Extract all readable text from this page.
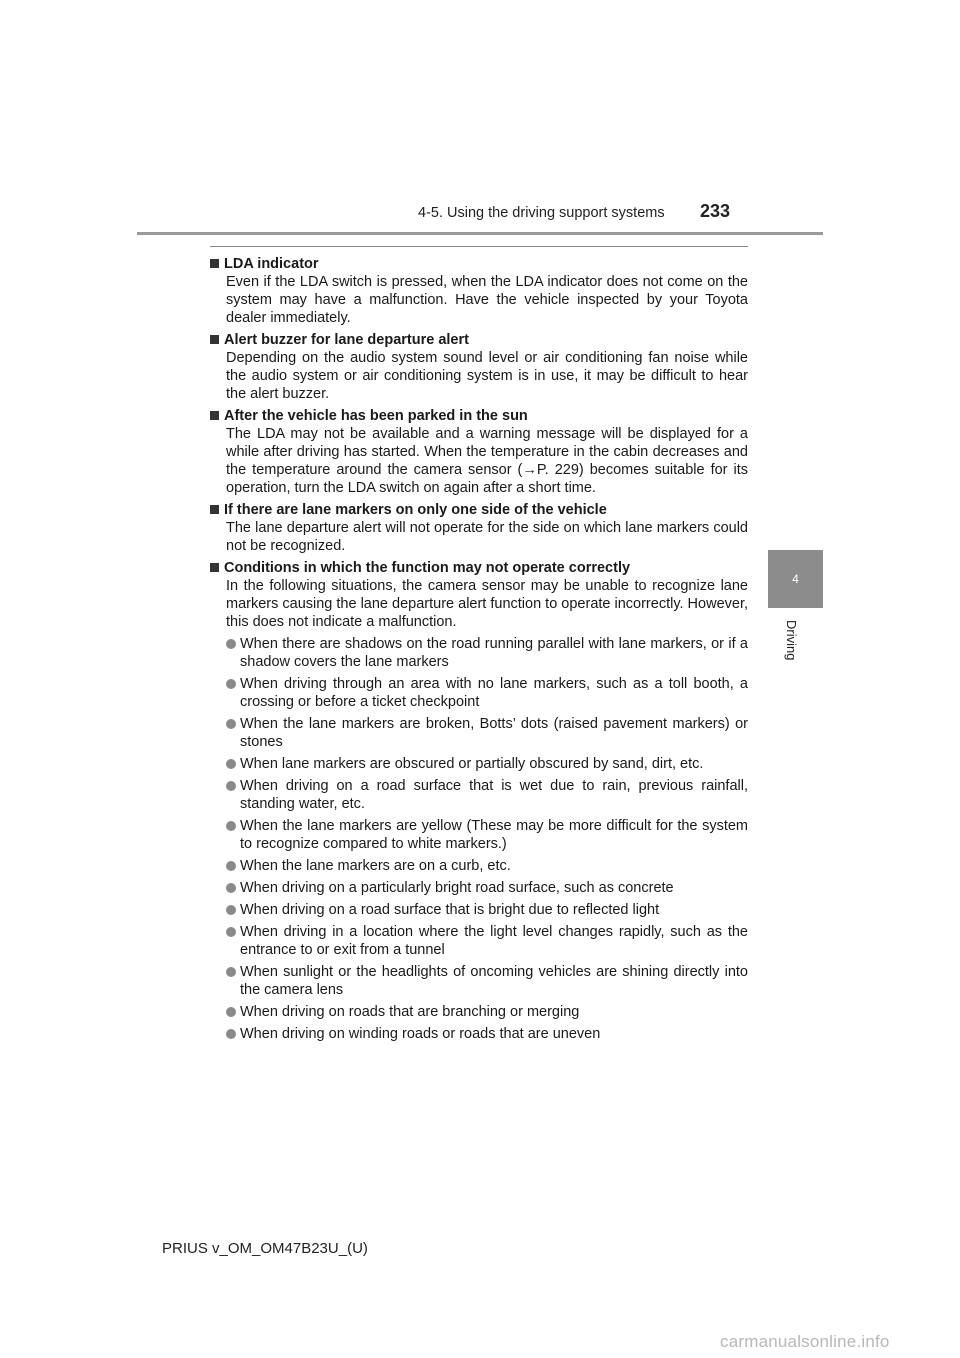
4-5. Using the driving support systems 233
4
Driving
LDA indicator
Even if the LDA switch is pressed, when the LDA indicator does not come on the system may have a malfunction. Have the vehicle inspected by your Toyota dealer immediately.
Alert buzzer for lane departure alert
Depending on the audio system sound level or air conditioning fan noise while the audio system or air conditioning system is in use, it may be difficult to hear the alert buzzer.
After the vehicle has been parked in the sun
The LDA may not be available and a warning message will be displayed for a while after driving has started. When the temperature in the cabin decreases and the temperature around the camera sensor (→P. 229) becomes suitable for its operation, turn the LDA switch on again after a short time.
If there are lane markers on only one side of the vehicle
The lane departure alert will not operate for the side on which lane markers could not be recognized.
Conditions in which the function may not operate correctly
In the following situations, the camera sensor may be unable to recognize lane markers causing the lane departure alert function to operate incorrectly. However, this does not indicate a malfunction.
When there are shadows on the road running parallel with lane markers, or if a shadow covers the lane markers
When driving through an area with no lane markers, such as a toll booth, a crossing or before a ticket checkpoint
When the lane markers are broken, Botts’ dots (raised pavement markers) or stones
When lane markers are obscured or partially obscured by sand, dirt, etc.
When driving on a road surface that is wet due to rain, previous rainfall, standing water, etc.
When the lane markers are yellow (These may be more difficult for the system to recognize compared to white markers.)
When the lane markers are on a curb, etc.
When driving on a particularly bright road surface, such as concrete
When driving on a road surface that is bright due to reflected light
When driving in a location where the light level changes rapidly, such as the entrance to or exit from a tunnel
When sunlight or the headlights of oncoming vehicles are shining directly into the camera lens
When driving on roads that are branching or merging
When driving on winding roads or roads that are uneven
PRIUS v_OM_OM47B23U_(U)
carmanualsonline.info
